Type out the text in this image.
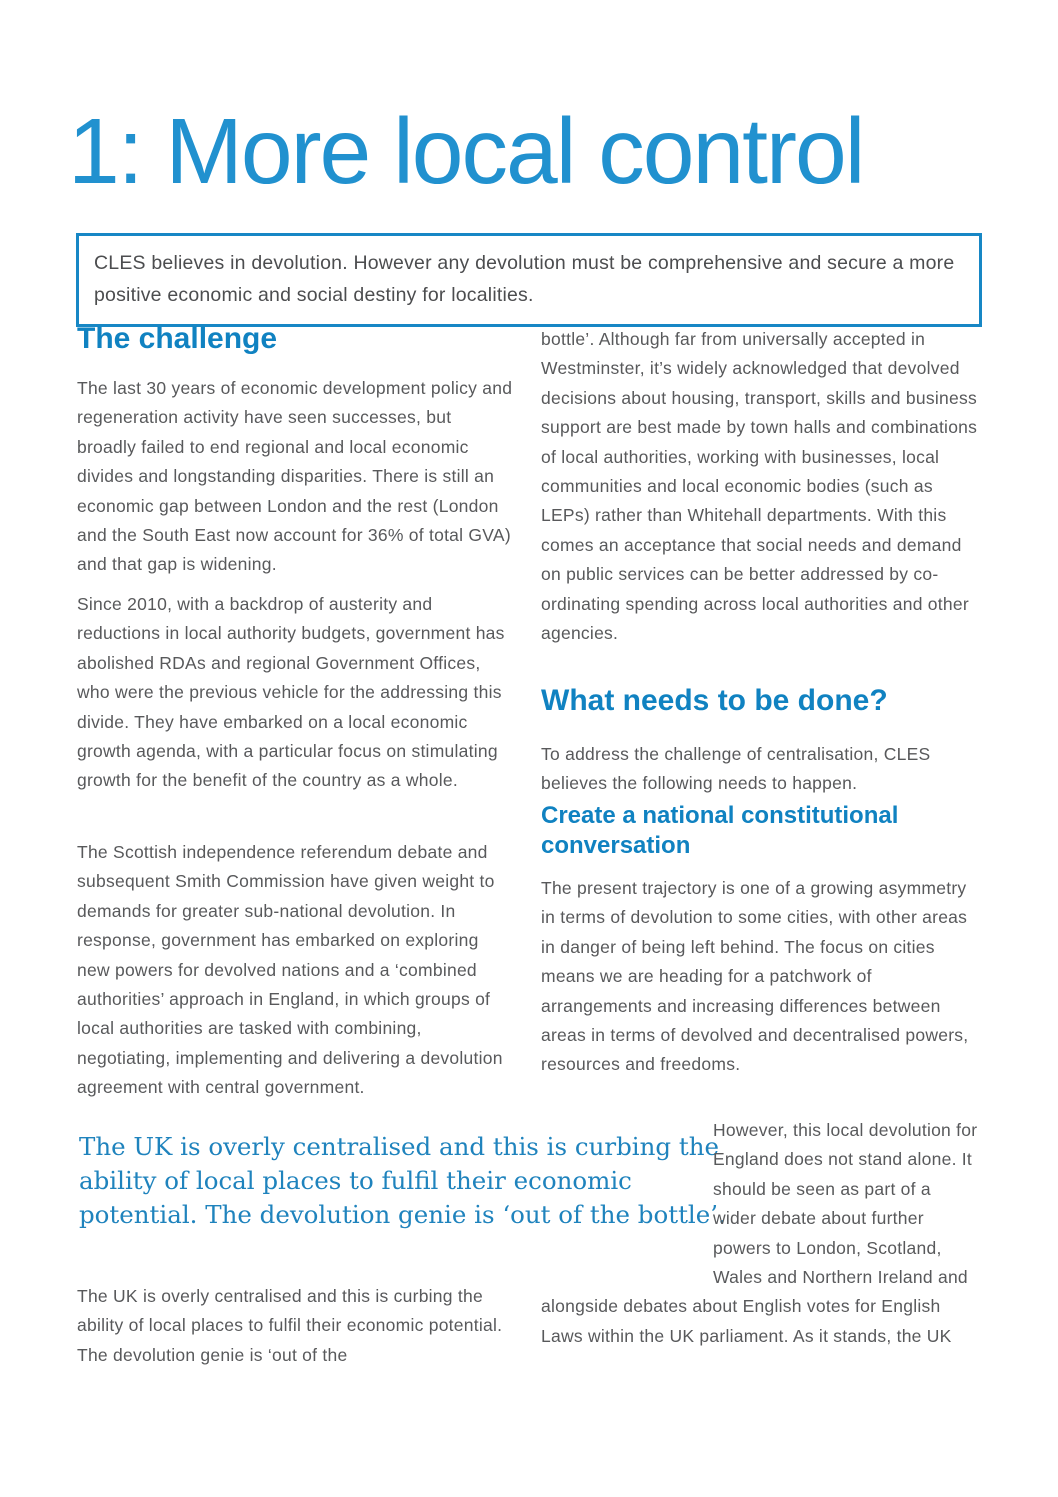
1: More local control

CLES believes in devolution. However any devolution must be comprehensive and secure a more positive economic and social destiny for localities.

The challenge

The last 30 years of economic development policy and regeneration activity have seen successes, but broadly failed to end regional and local economic divides and longstanding disparities. There is still an economic gap between London and the rest (London and the South East now account for 36% of total GVA) and that gap is widening.

Since 2010, with a backdrop of austerity and reductions in local authority budgets, government has abolished RDAs and regional Government Offices, who were the previous vehicle for the addressing this divide. They have embarked on a local economic growth agenda, with a particular focus on stimulating growth for the benefit of the country as a whole.

The Scottish independence referendum debate and subsequent Smith Commission have given weight to demands for greater sub-national devolution. In response, government has embarked on exploring new powers for devolved nations and a ‘combined authorities’ approach in England, in which groups of local authorities are tasked with combining, negotiating, implementing and delivering a devolution agreement with central government.

The UK is overly centralised and this is curbing the ability of local places to fulfil their economic potential. The devolution genie is ‘out of the bottle’.

The UK is overly centralised and this is curbing the ability of local places to fulfil their economic potential. The devolution genie is ‘out of the

bottle’. Although far from universally accepted in Westminster, it’s widely acknowledged that devolved decisions about housing, transport, skills and business support are best made by town halls and combinations of local authorities, working with businesses, local communities and local economic bodies (such as LEPs) rather than Whitehall departments. With this comes an acceptance that social needs and demand on public services can be better addressed by co-ordinating spending across local authorities and other agencies.

What needs to be done?

To address the challenge of centralisation, CLES believes the following needs to happen.

Create a national constitutional conversation

The present trajectory is one of a growing asymmetry in terms of devolution to some cities, with other areas in danger of being left behind. The focus on cities means we are heading for a patchwork of arrangements and increasing differences between areas in terms of devolved and decentralised powers, resources and freedoms.

However, this local devolution for England does not stand alone. It should be seen as part of a wider debate about further powers to London, Scotland, Wales and Northern Ireland and alongside debates about English votes for English Laws within the UK parliament. As it stands, the UK
